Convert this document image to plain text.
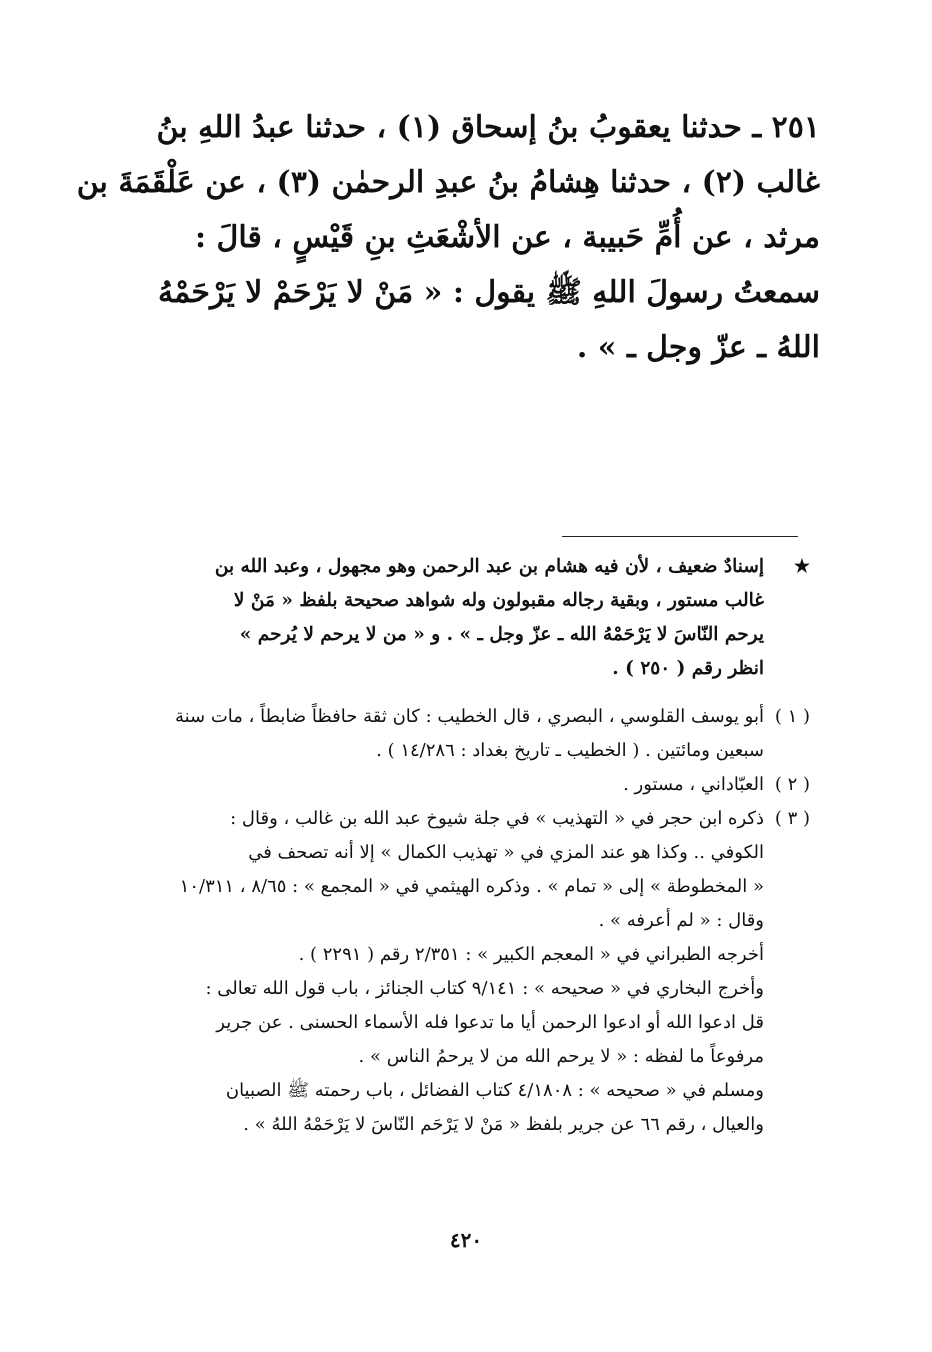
٢٥١ ـ حدثنا يعقوبُ بنُ إسحاق (١) ، حدثنا عبدُ اللهِ بنُ
غالب (٢) ، حدثنا هِشامُ بنُ عبدِ الرحمٰن (٣) ، عن عَلْقَمَةَ بن
مرثد ، عن أُمِّ حَبيبة ، عن الأشْعَثِ بنِ قَيْسٍ ، قالَ :
سمعتُ رسولَ اللهِ ﷺ يقول : « مَنْ لا يَرْحَمْ لا يَرْحَمْهُ
اللهُ ـ عزّ وجل ـ » .
★
إسنادٌ ضعيف ، لأن فيه هشام بن عبد الرحمن وهو مجهول ، وعبد الله بن
غالب مستور ، وبقية رجاله مقبولون وله شواهد صحيحة بلفظ « مَنْ لا
يرحم النّاسَ لا يَرْحَمْهُ الله ـ عزّ وجل ـ » . و « من لا يرحم لا يُرحم »
انظر رقم ( ٢٥٠ ) .
( ١ )
أبو يوسف القلوسي ، البصري ، قال الخطيب : كان ثقة حافظاً ضابطاً ، مات سنة
سبعين ومائتين . ( الخطيب ـ تاريخ بغداد : ١٤/٢٨٦ ) .
( ٢ )
العبّاداني ، مستور .
( ٣ )
ذكره ابن حجر في « التهذيب » في جلة شيوخ عبد الله بن غالب ، وقال :
الكوفي .. وكذا هو عند المزي في « تهذيب الكمال » إلا أنه تصحف في
« المخطوطة » إلى « تمام » . وذكره الهيثمي في « المجمع » : ٨/٦٥ ، ١٠/٣١١
وقال : « لم أعرفه » .
أخرجه الطبراني في « المعجم الكبير » : ٢/٣٥١ رقم ( ٢٢٩١ ) .
وأخرج البخاري في « صحيحه » : ٩/١٤١ كتاب الجنائز ، باب قول الله تعالى :
قل ادعوا الله أو ادعوا الرحمن أيا ما تدعوا فله الأسماء الحسنى . عن جرير
مرفوعاً ما لفظه : « لا يرحم الله من لا يرحمُ الناس » .
ومسلم في « صحيحه » : ٤/١٨٠٨ كتاب الفضائل ، باب رحمته ﷺ الصبيان
والعيال ، رقم ٦٦ عن جرير بلفظ « مَنْ لا يَرْحَم النّاسَ لا يَرْحَمْهُ اللهُ » .
٤٢٠
